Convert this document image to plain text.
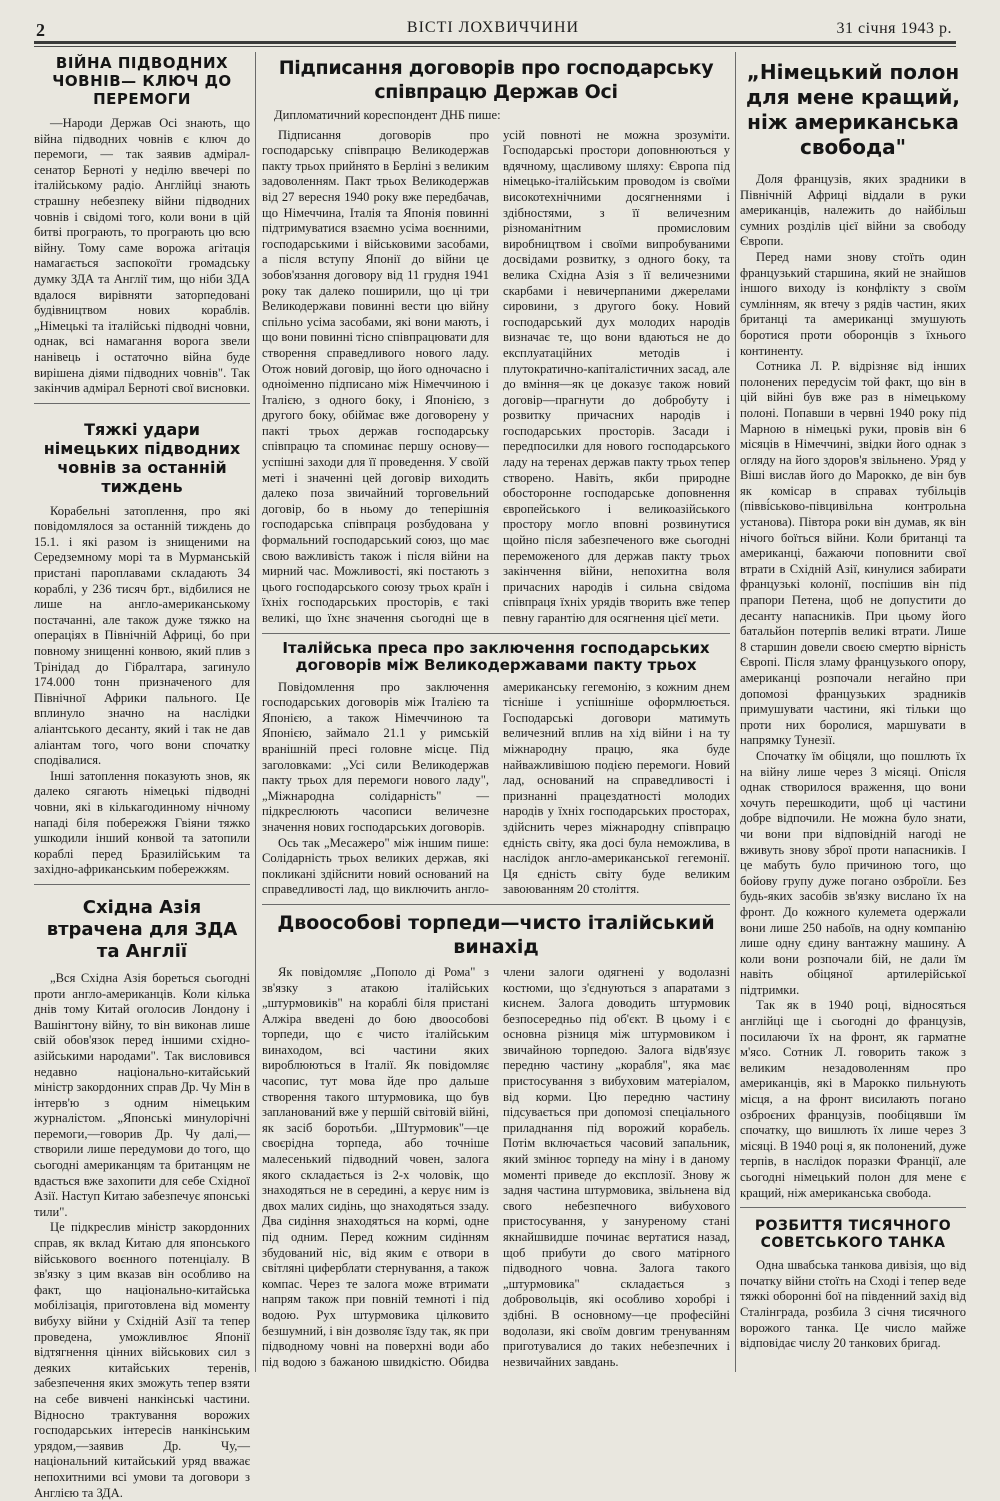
2	ВІСТІ ЛОХВИЧЧИНИ	31 січня 1943 р.
ВІЙНА ПІДВОДНИХ ЧОВНІВ— КЛЮЧ ДО ПЕРЕМОГИ

—Народи Держав Осі знають, що війна підводних човнів є ключ до перемоги, — так заявив адмірал-сенатор Берноті у неділю ввечері по італійському радіо. Англійці знають страшну небезпеку війни підводних човнів і свідомі того, коли вони в цій битві програють, то програють цю всю війну. Тому саме ворожа агітація намагається заспокоїти громадську думку ЗДА та Англії тим, що ніби ЗДА вдалося вирівняти заторпедовані будівництвом нових кораблів. „Німецькі та італійські підводні човни, однак, всі намагання ворога звели нанівець і остаточно війна буде вирішена діями підводних човнів". Так закінчив адмірал Берноті свої висновки.

Тяжкі удари німецьких підводних човнів за останній тиждень

Корабельні затоплення, про які повідомлялося за останній тиждень до 15.1. і які разом із знищеними на Середземному морі та в Мурманській пристані пароплавами складають 34 кораблі, у 236 тисяч брт., відбилися не лише на англо-американському постачанні, але також дуже тяжко на операціях в Північній Африці, бо при повному знищенні конвою, який плив з Трінідад до Гібралтара, загинуло 174.000 тонн призначеного для Північної Африки пального. Це вплинуло значно на наслідки аліантського десанту, який і так не дав аліантам того, чого вони спочатку сподівалися.

Інші затоплення показують знов, як далеко сягають німецькі підводні човни, які в кількагодинному нічному нападі біля побережжя Гвіяни тяжко ушкодили інший конвой та затопили кораблі перед Бразилійським та західно-африканським побережжям.

Східна Азія втрачена для ЗДА та Англії

„Вся Східна Азія бореться сьогодні проти англо-американців. Коли кілька днів тому Китай оголосив Лондону і Вашінгтону війну, то він виконав лише свій обов'язок перед іншими східно-азійськими народами". Так висловився недавно національно-китайський міністр закордонних справ Др. Чу Мін в інтерв'ю з одним німецьким журналістом. „Японські минулорічні перемоги,—говорив Др. Чу далі,—створили лише передумови до того, що сьогодні американцям та британцям не вдасться вже захопити для себе Східної Азії. Наступ Китаю забезпечує японські тили".

Це підкреслив міністр закордонних справ, як вклад Китаю для японського військового воєнного потенціалу. В зв'язку з цим вказав він особливо на факт, що національно-китайська мобілізація, приготовлена від моменту вибуху війни у Східній Азії та тепер проведена, уможливлює Японії відтягнення цінних військових сил з деяких китайських теренів, забезпечення яких зможуть тепер взяти на себе вивчені нанкінські частини. Відносно трактування ворожих господарських інтересів нанкінським урядом,—заявив Др. Чу,—національний китайський уряд вважає непохитними всі умови та договори з Англією та ЗДА.

Підписання договорів про господарську співпрацю Держав Осі
Дипломатичний кореспондент ДНБ пише:

Підписання договорів про господарську співпрацю Великодержав пакту трьох прийнято в Берліні з великим задоволенням. Пакт трьох Великодержав від 27 вересня 1940 року вже передбачав, що Німеччина, Італія та Японія повинні підтримуватися взаємно усіма воєнними, господарськими і військовими засобами, а після вступу Японії до війни це зобов'язання договору від 11 грудня 1941 року так далеко поширили, що ці три Великодержави повинні вести цю війну спільно усіма засобами, які вони мають, і що вони повинні тісно співпрацювати для створення справедливого нового ладу. Отож новий договір, що його одночасно і одноіменно підписано між Німеччиною і Італією, з одного боку, і Японією, з другого боку, обіймає вже договорену у пакті трьох держав господарську співпрацю та споминає першу основу—успішні заходи для її проведення. У своїй меті і значенні цей договір виходить далеко поза звичайний торговельний договір, бо в ньому до теперішнія господарська співпраця розбудована у формальний господарський союз, що має свою важливість також і після війни на мирний час. Можливості, які постають з цього господарського союзу трьох країн і їхніх господарських просторів, є такі великі, що їхнє значення сьогодні ще в усій повноті не можна зрозуміти. Господарські простори доповнюються у вдячному, щасливому шляху: Європа під німецько-італійським проводом із своїми високотехнічними досягненнями і здібностями, з її величезним різноманітним промисловим виробництвом і своїми випробуваними досвідами розвитку, з одного боку, та велика Східна Азія з її величезними скарбами і невичерпаними джерелами сировини, з другого боку. Новий господарський дух молодих народів визначає те, що вони вдаються не до експлуатаційних методів і плутократично-капіталістичних засад, але до вміння—як це доказує також новий договір—прагнути до добробуту і розвитку причасних народів і господарських просторів. Засади і передпосилки для нового господарського ладу на теренах держав пакту трьох тепер створено. Навіть, якби природне обосторонне господарське доповнення європейського і великоазійського простору могло вповні розвинутися щойно після забезпеченого вже сьогодні переможеного для держав пакту трьох закінчення війни, непохитна воля причасних народів і сильна свідома співпраця їхніх урядів творить вже тепер певну гарантію для осягнення цієї мети.

Італійська преса про заключення господарських договорів між Великодержавами пакту трьох

Повідомлення про заключення господарських договорів між Італією та Японією, а також Німеччиною та Японією, займало 21.1 у римській вранішній пресі головне місце. Під заголовками: „Усі сили Великодержав пакту трьох для перемоги нового ладу", „Міжнародна солідарність" — підкреслюють часописи величезне значення нових господарських договорів.

Ось так „Месажеро" між іншим пише: Солідарність трьох великих держав, які покликані здійснити новий оснований на справедливості лад, що виключить англо-американську гегемонію, з кожним днем тісніше і успішніше оформлюється. Господарські договори матимуть величезний вплив на хід війни і на ту міжнародну працю, яка буде найважливішою подією перемоги. Новий лад, оснований на справедливості і признанні працездатності молодих народів у їхніх господарських просторах, здійснить через міжнародну співпрацю єдність світу, яка досі була неможлива, в наслідок англо-американської гегемонії. Ця єдність світу буде великим завоюванням 20 століття.

Двоособові торпеди—чисто італійський винахід

Як повідомляє „Пополо ді Рома" з зв'язку з атакою італійських „штурмовиків" на кораблі біля пристані Алжіра введені до бою двоособові торпеди, що є чисто італійським винаходом, всі частини яких вироблюються в Італії. Як повідомляє часопис, тут мова йде про дальше створення такого штурмовика, що був запланований вже у першій світовій війні, як засіб боротьби. „Штурмовик"—це своєрідна торпеда, або точніше малесенький підводний човен, залога якого складається із 2-х чоловік, що знаходяться не в середині, а керує ним із двох малих сидінь, що знаходяться ззаду. Два сидіння знаходяться на кормі, одне під одним. Перед кожним сидінням збудований ніс, від яким є отвори в світляні циферблати стернування, а також компас. Через те залога може втримати напрям також при повній темноті і під водою. Рух штурмовика цілковито безшумний, і він дозволяє їзду так, як при підводному човні на поверхні води або під водою з бажаною швидкістю. Обидва члени залоги одягнені у водолазні костюми, що з'єднуються з апаратами з киснем. Залога доводить штурмовик безпосередньо під об'єкт. В цьому і є основна різниця між штурмовиком і звичайною торпедою. Залога відв'язує передню частину „корабля", яка має пристосування з вибуховим матеріалом, від корми. Цю передню частину підсувається при допомозі спеціального приладнання під ворожий корабель. Потім включається часовий запальник, який змінює торпеду на міну і в даному моменті приведе до експлозії. Знову ж задня частина штурмовика, звільнена від свого небезпечного вибухового пристосування, у зануреному стані якнайшвидше починає вертатися назад, щоб прибути до свого матірного підводного човна. Залога такого „штурмовика" складається з добровольців, які особливо хоробрі і здібні. В основному—це професійні водолази, які своїм довгим тренуванням приготувалися до таких небезпечних і незвичайних завдань.

„Німецький полон для мене кращий, ніж американська свобода"

Доля французів, яких зрадники в Північній Африці віддали в руки американців, належить до найбільш сумних розділів цієї війни за свободу Європи.

Перед нами знову стоїть один французький старшина, який не знайшов іншого виходу із конфлікту з своїм сумлінням, як втечу з рядів частин, яких британці та американці змушують боротися проти оборонців з їхнього континенту.

Сотника Л. Р. відрізняє від інших полонених передусім той факт, що він в цій війні був вже раз в німецькому полоні. Попавши в червні 1940 року під Марною в німецькі руки, провів він 6 місяців в Німеччині, звідки його однак з огляду на його здоров'я звільнено. Уряд у Віші вислав його до Марокко, де він був як комісар в справах тубільців (півві́ськово-півцивільна контрольна установа). Півтора роки він думав, як він нічого боїться війни. Коли британці та американці, бажаючи поповнити свої втрати в Східній Азії, кинулися забирати французькі колонії, поспішив він під прапори Петена, щоб не допустити до десанту напасників. При цьому його батальйон потерпів великі втрати. Лише 8 старшин довели своєю смертю вірність Європі. Після зламу французького опору, американці розпочали негайно при допомозі французьких зрадників примушувати частини, які тільки що проти них боролися, маршувати в напрямку Тунезії.

Спочатку їм обіцяли, що пошлють їх на війну лише через 3 місяці. Опісля однак створилося враження, що вони хочуть перешкодити, щоб ці частини добре відпочили. Не можна було знати, чи вони при відповідній нагоді не вживуть знову зброї проти напасників. І це мабуть було причиною того, що бойову групу дуже погано озброїли. Без будь-яких засобів зв'язку вислано їх на фронт. До кожного кулемета одержали вони лише 250 набоїв, на одну компанію лише одну єдину вантажну машину. А коли вони розпочали бій, не дали їм навіть обіцяної артилерійської підтримки.

Так як в 1940 році, відносяться англійці ще і сьогодні до французів, посилаючи їх на фронт, як гарматне м'ясо. Сотник Л. говорить також з великим незадоволенням про американців, які в Марокко пильнують місця, а на фронт висилають погано озброєних французів, пообіцявши їм спочатку, що вишлють їх лише через 3 місяці. В 1940 році я, як полонений, дуже терпів, в наслідок поразки Франції, але сьогодні німецький полон для мене є кращий, ніж американська свобода.

РОЗБИТТЯ ТИСЯЧНОГО СОВЕТСЬКОГО ТАНКА

Одна швабська танкова дивізія, що від початку війни стоїть на Сході і тепер веде тяжкі оборонні бої на південний захід від Сталінграда, розбила 3 січня тисячного ворожого танка. Це число майже відповідає числу 20 танкових бригад.
